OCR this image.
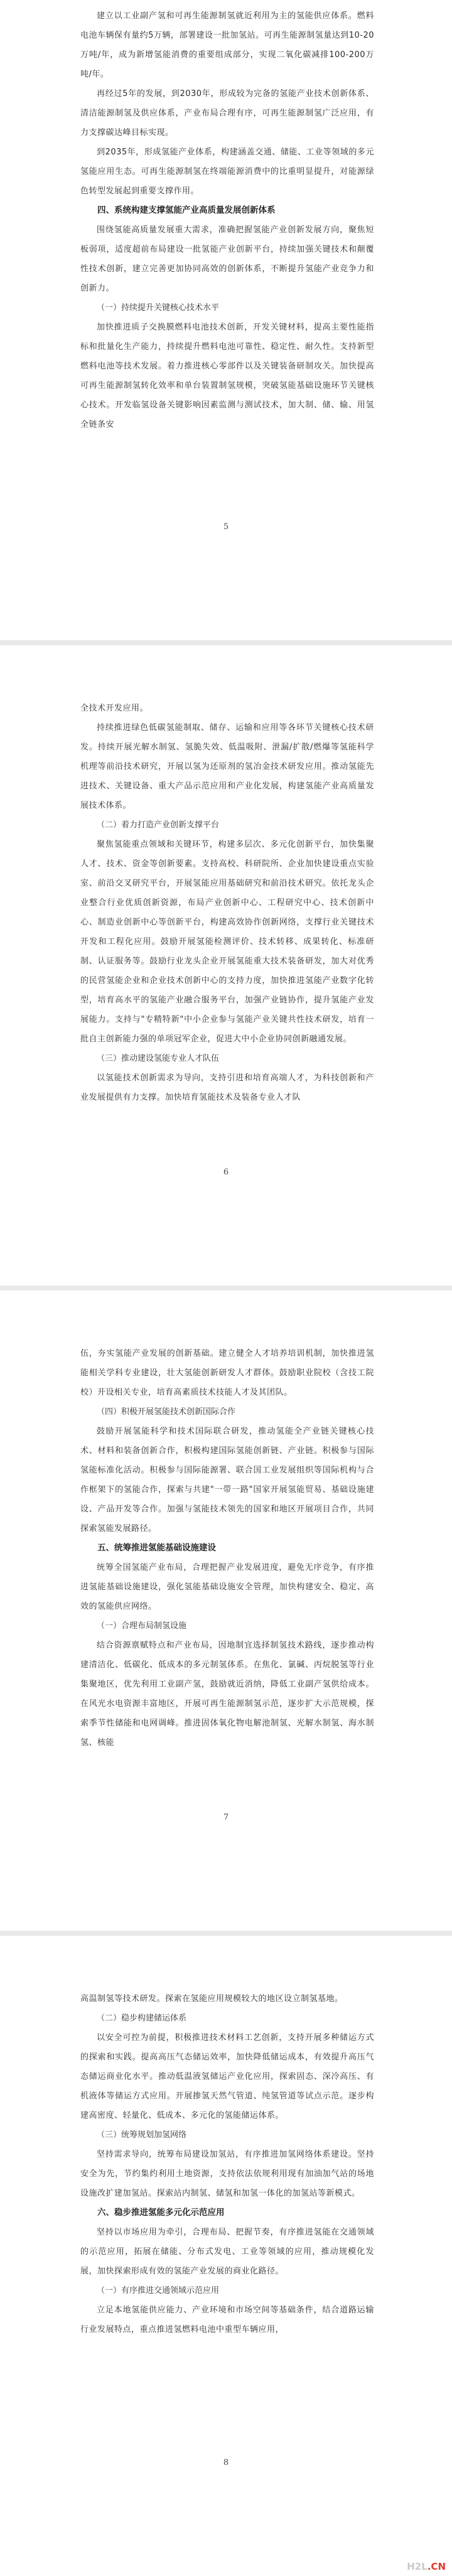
建立以工业副产氢和可再生能源制氢就近利用为主的氢能供应体系。燃料电池车辆保有量约5万辆，部署建设一批加氢站。可再生能源制氢量达到10-20万吨/年，成为新增氢能消费的重要组成部分，实现二氧化碳减排100-200万吨/年。

再经过5年的发展，到2030年，形成较为完备的氢能产业技术创新体系、清洁能源制氢及供应体系，产业布局合理有序，可再生能源制氢广泛应用，有力支撑碳达峰目标实现。

到2035年，形成氢能产业体系，构建涵盖交通、储能、工业等领域的多元氢能应用生态。可再生能源制氢在终端能源消费中的比重明显提升，对能源绿色转型发展起到重要支撑作用。

四、系统构建支撑氢能产业高质量发展创新体系

围绕氢能高质量发展重大需求，准确把握氢能产业创新发展方向，聚焦短板弱项，适度超前布局建设一批氢能产业创新平台，持续加强关键技术和颠覆性技术创新，建立完善更加协同高效的创新体系，不断提升氢能产业竞争力和创新力。

（一）持续提升关键核心技术水平

加快推进质子交换膜燃料电池技术创新，开发关键材料，提高主要性能指标和批量化生产能力，持续提升燃料电池可靠性、稳定性、耐久性。支持新型燃料电池等技术发展。着力推进核心零部件以及关键装备研制攻关。加快提高可再生能源制氢转化效率和单台装置制氢规模，突破氢能基础设施环节关键核心技术。开发临氢设备关键影响因素监测与测试技术，加大制、储、输、用氢全链条安

5

全技术开发应用。

持续推进绿色低碳氢能制取、储存、运输和应用等各环节关键核心技术研发。持续开展光解水制氢、氢脆失效、低温吸附、泄漏/扩散/燃爆等氢能科学机理等前沿技术研究，开展以氢为还原剂的氢冶金技术研发应用。推动氢能先进技术、关键设备、重大产品示范应用和产业化发展，构建氢能产业高质量发展技术体系。

（二）着力打造产业创新支撑平台

聚焦氢能重点领域和关键环节，构建多层次、多元化创新平台，加快集聚人才、技术、资金等创新要素。支持高校、科研院所、企业加快建设重点实验室、前沿交叉研究平台，开展氢能应用基础研究和前沿技术研究。依托龙头企业整合行业优质创新资源，布局产业创新中心、工程研究中心、技术创新中心、制造业创新中心等创新平台，构建高效协作创新网络，支撑行业关键技术开发和工程化应用。鼓励开展氢能检测评价、技术转移、成果转化、标准研制、认证服务等。鼓励行业龙头企业开展氢能重大技术装备研发，加大对优秀的民营氢能企业和企业技术创新中心的支持力度，加快推进氢能产业数字化转型，培育高水平的氢能产业融合服务平台，加强产业链协作，提升氢能产业发展能力。支持与"专精特新"中小企业参与氢能产业关键共性技术研发，培育一批自主创新能力强的单项冠军企业，促进大中小企业协同创新融通发展。

（三）推动建设氢能专业人才队伍

以氢能技术创新需求为导向，支持引进和培育高端人才，为科技创新和产业发展提供有力支撑。加快培育氢能技术及装备专业人才队

6

伍，夯实氢能产业发展的创新基础。建立健全人才培养培训机制，加快推进氢能相关学科专业建设，壮大氢能创新研发人才群体。鼓励职业院校（含技工院校）开设相关专业，培育高素质技术技能人才及其团队。

（四）积极开展氢能技术创新国际合作

鼓励开展氢能科学和技术国际联合研发，推动氢能全产业链关键核心技术、材料和装备创新合作，积极构建国际氢能创新链、产业链。积极参与国际氢能标准化活动。积极参与国际能源署、联合国工业发展组织等国际机构与合作框架下的氢能合作，探索与共建"一带一路"国家开展氢能贸易、基础设施建设、产品开发等合作。加强与氢能技术领先的国家和地区开展项目合作，共同探索氢能发展路径。

五、统筹推进氢能基础设施建设

统筹全国氢能产业布局，合理把握产业发展进度，避免无序竞争，有序推进氢能基础设施建设，强化氢能基础设施安全管理，加快构建安全、稳定、高效的氢能供应网络。

（一）合理布局制氢设施

结合资源禀赋特点和产业布局，因地制宜选择制氢技术路线，逐步推动构建清洁化、低碳化、低成本的多元制氢体系。在焦化、氯碱、丙烷脱氢等行业集聚地区，优先利用工业副产氢，鼓励就近消纳，降低工业副产氢供给成本。在风光水电资源丰富地区，开展可再生能源制氢示范，逐步扩大示范规模，探索季节性储能和电网调峰。推进固体氧化物电解池制氢、光解水制氢、海水制氢、核能

7

高温制氢等技术研发。探索在氢能应用规模较大的地区设立制氢基地。

（二）稳步构建储运体系

以安全可控为前提，积极推进技术材料工艺创新，支持开展多种储运方式的探索和实践。提高高压气态储运效率，加快降低储运成本，有效提升高压气态储运商业化水平。推动低温液氢储运产业化应用，探索固态、深冷高压、有机液体等储运方式应用。开展掺氢天然气管道、纯氢管道等试点示范。逐步构建高密度、轻量化、低成本、多元化的氢能储运体系。

（三）统筹规划加氢网络

坚持需求导向，统筹布局建设加氢站，有序推进加氢网络体系建设。坚持安全为先，节约集约利用土地资源，支持依法依规利用现有加油加气站的场地设施改扩建加氢站。探索站内制氢、储氢和加氢一体化的加氢站等新模式。

六、稳步推进氢能多元化示范应用

坚持以市场应用为牵引，合理布局、把握节奏，有序推进氢能在交通领域的示范应用，拓展在储能、分布式发电、工业等领域的应用，推动规模化发展，加快探索形成有效的氢能产业发展的商业化路径。

（一）有序推进交通领域示范应用

立足本地氢能供应能力、产业环境和市场空间等基础条件，结合道路运输行业发展特点，重点推进氢燃料电池中重型车辆应用，

8
H2L.CN
